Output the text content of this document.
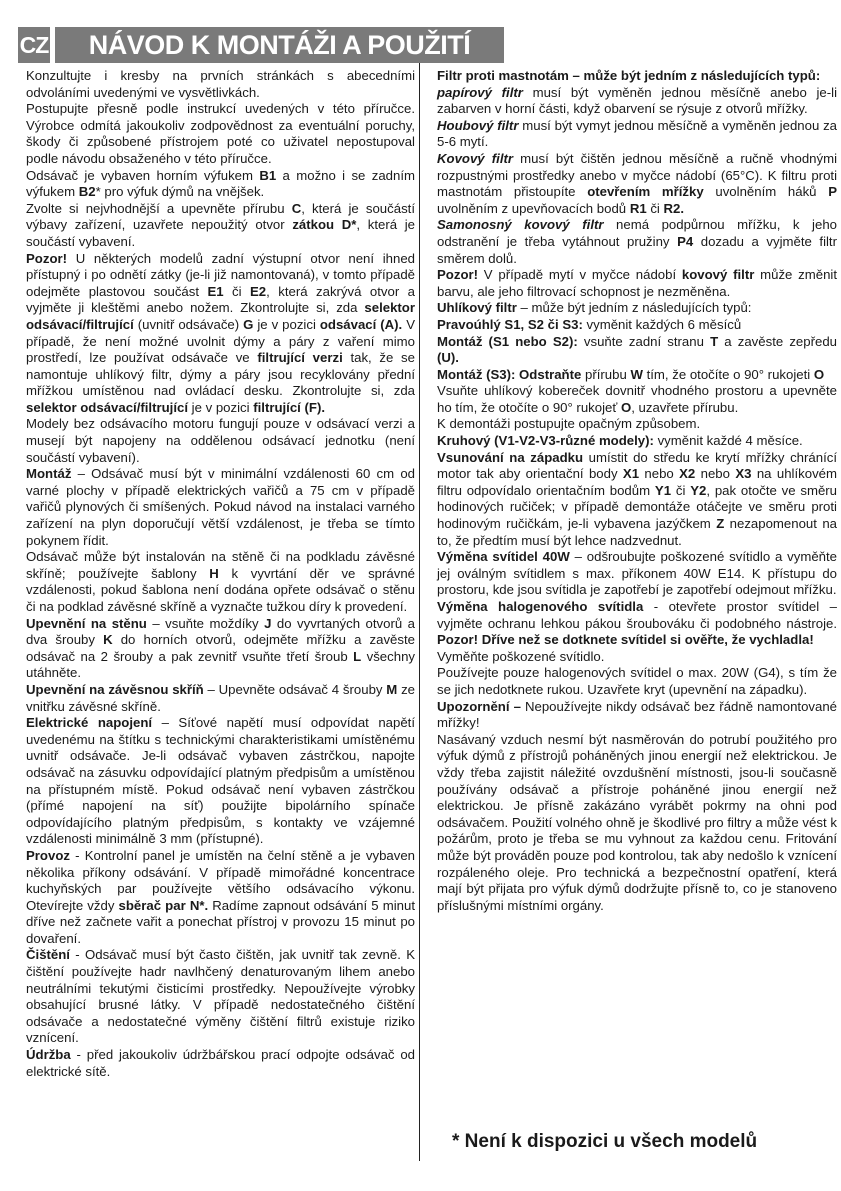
CZ	NÁVOD K MONTÁŽI A POUŽITÍ

Konzultujte i kresby na prvních stránkách s abecedními odvoláními uvedenými ve vysvětlivkách.

Postupujte přesně podle instrukcí uvedených v této příručce. Výrobce odmítá jakoukoliv zodpovědnost za eventuální poruchy, škody či způsobené přístrojem poté co uživatel nepostupoval podle návodu obsaženého v této příručce.

Odsávač je vybaven horním výfukem B1 a možno i se zadním výfukem B2* pro výfuk dýmů na vnějšek.

Zvolte si nejvhodnější a upevněte přírubu C, která je součástí výbavy zařízení, uzavřete nepoužitý otvor zátkou D*, která je součástí vybavení.

Pozor! U některých modelů zadní výstupní otvor není ihned přístupný i po odnětí zátky (je-li již namontovaná), v tomto případě odejměte plastovou součást E1 či E2, která zakrývá otvor a vyjměte ji kleštěmi anebo nožem. Zkontrolujte si, zda selektor odsávací/filtrující (uvnitř odsávače) G je v pozici odsávací (A). V případě, že není možné uvolnit dýmy a páry z vaření mimo prostředí, lze používat odsávače ve filtrující verzi tak, že se namontuje uhlíkový filtr, dýmy a páry jsou recyklovány přední mřížkou umístěnou nad ovládací desku. Zkontrolujte si, zda selektor odsávací/filtrující je v pozici filtrující (F).

Modely bez odsávacího motoru fungují pouze v odsávací verzi a musejí být napojeny na oddělenou odsávací jednotku (není součástí vybavení).

Montáž – Odsávač musí být v minimální vzdálenosti 60 cm od varné plochy v případě elektrických vařičů a 75 cm v případě vařičů plynových či smíšených. Pokud návod na instalaci varného zařízení na plyn doporučují větší vzdálenost, je třeba se tímto pokynem řídit.

Odsávač může být instalován na stěně či na podkladu závěsné skříně; používejte šablony H k vyvrtání děr ve správné vzdálenosti, pokud šablona není dodána opřete odsávač o stěnu či na podklad závěsné skříně a vyznačte tužkou díry k provedení.

Upevnění na stěnu – vsuňte moždíky J do vyvrtaných otvorů a dva šrouby K do horních otvorů, odejměte mřížku a zavěste odsávač na 2 šrouby a pak zevnitř vsuňte třetí šroub L všechny utáhněte.

Upevnění na závěsnou skříň – Upevněte odsávač 4 šrouby M ze vnitřku závěsné skříně.

Elektrické napojení – Síťové napětí musí odpovídat napětí uvedenému na štítku s technickými charakteristikami umístěnému uvnitř odsávače. Je-li odsávač vybaven zástrčkou, napojte odsávač na zásuvku odpovídající platným předpisům a umístěnou na přístupném místě. Pokud odsávač není vybaven zástrčkou (přímé napojení na síť) použijte bipolárního spínače odpovídajícího platným předpisům, s kontakty ve vzájemné vzdálenosti minimálně 3 mm (přístupné).

Provoz - Kontrolní panel je umístěn na čelní stěně a je vybaven několika příkony odsávání. V případě mimořádné koncentrace kuchyňských par používejte většího odsávacího výkonu. Otevírejte vždy sběrač par N*. Radíme zapnout odsávání 5 minut dříve než začnete vařit a ponechat přístroj v provozu 15 minut po dovaření.

Čištění - Odsávač musí být často čištěn, jak uvnitř tak zevně. K čištění používejte hadr navlhčený denaturovaným lihem anebo neutrálními tekutými čisticími prostředky. Nepoužívejte výrobky obsahující brusné látky. V případě nedostatečného čištění odsávače a nedostatečné výměny čištění filtrů existuje riziko vznícení.

Údržba - před jakoukoliv údržbářskou prací odpojte odsávač od elektrické sítě.

Filtr proti mastnotám – může být jedním z následujících typů:

papírový filtr musí být vyměněn jednou měsíčně anebo je-li zabarven v horní části, když obarvení se rýsuje z otvorů mřížky.

Houbový filtr musí být vymyt jednou měsíčně a vyměněn jednou za 5-6 mytí.

Kovový filtr musí být čištěn jednou měsíčně a ručně vhodnými rozpustnými prostředky anebo v myčce nádobí (65°C). K filtru proti mastnotám přistoupíte otevřením mřížky uvolněním háků P uvolněním z upevňovacích bodů R1 či R2.

Samonosný kovový filtr nemá podpůrnou mřížku, k jeho odstranění je třeba vytáhnout pružiny P4 dozadu a vyjměte filtr směrem dolů.

Pozor! V případě mytí v myčce nádobí kovový filtr může změnit barvu, ale jeho filtrovací schopnost je nezměněna.

Uhlíkový filtr – může být jedním z následujících typů:

Pravoúhlý S1, S2 či S3: vyměnit každých 6 měsíců

Montáž (S1 nebo S2): vsuňte zadní stranu T a zavěste zepředu (U).

Montáž (S3): Odstraňte přírubu W tím, že otočíte o 90° rukojeti O

Vsuňte uhlíkový kobereček dovnitř vhodného prostoru a upevněte ho tím, že otočíte o 90° rukojeť O, uzavřete přírubu.

K demontáži postupujte opačným způsobem.

Kruhový (V1-V2-V3-různé modely): vyměnit každé 4 měsíce.

Vsunování na západku umístit do středu ke krytí mřížky chránící motor tak aby orientační body X1 nebo X2 nebo X3 na uhlíkovém filtru odpovídalo orientačním bodům Y1 či Y2, pak otočte ve směru hodinových ručiček; v případě demontáže otáčejte ve směru proti hodinovým ručičkám, je-li vybavena jazýčkem Z nezapomenout na to, že předtím musí být lehce nadzvednut.

Výměna svítidel 40W – odšroubujte poškozené svítidlo a vyměňte jej oválným svítidlem s max. příkonem 40W E14. K přístupu do prostoru, kde jsou svítidla je zapotřebí je zapotřebí odejmout mřížku.

Výměna halogenového svítidla - otevřete prostor svítidel – vyjměte ochranu lehkou pákou šroubováku či podobného nástroje. Pozor! Dříve než se dotknete svítidel si ověřte, že vychladla!

Vyměňte poškozené svítidlo.

Používejte pouze halogenových svítidel o max. 20W (G4), s tím že se jich nedotknete rukou. Uzavřete kryt (upevnění na západku).

Upozornění – Nepoužívejte nikdy odsávač bez řádně namontované mřížky!

Nasávaný vzduch nesmí být nasměrován do potrubí použitého pro výfuk dýmů z přístrojů poháněných jinou energií než elektrickou. Je vždy třeba zajistit náležité ovzdušnění místnosti, jsou-li současně používány odsávač a přístroje poháněné jinou energií než elektrickou. Je přísně zakázáno vyrábět pokrmy na ohni pod odsávačem. Použití volného ohně je škodlivé pro filtry a může vést k požárům, proto je třeba se mu vyhnout za každou cenu. Fritování může být prováděn pouze pod kontrolou, tak aby nedošlo k vznícení rozpáleného oleje. Pro technická a bezpečnostní opatření, která mají být přijata pro výfuk dýmů dodržujte přísně to, co je stanoveno příslušnými místními orgány.

* Není k dispozici u všech modelů
